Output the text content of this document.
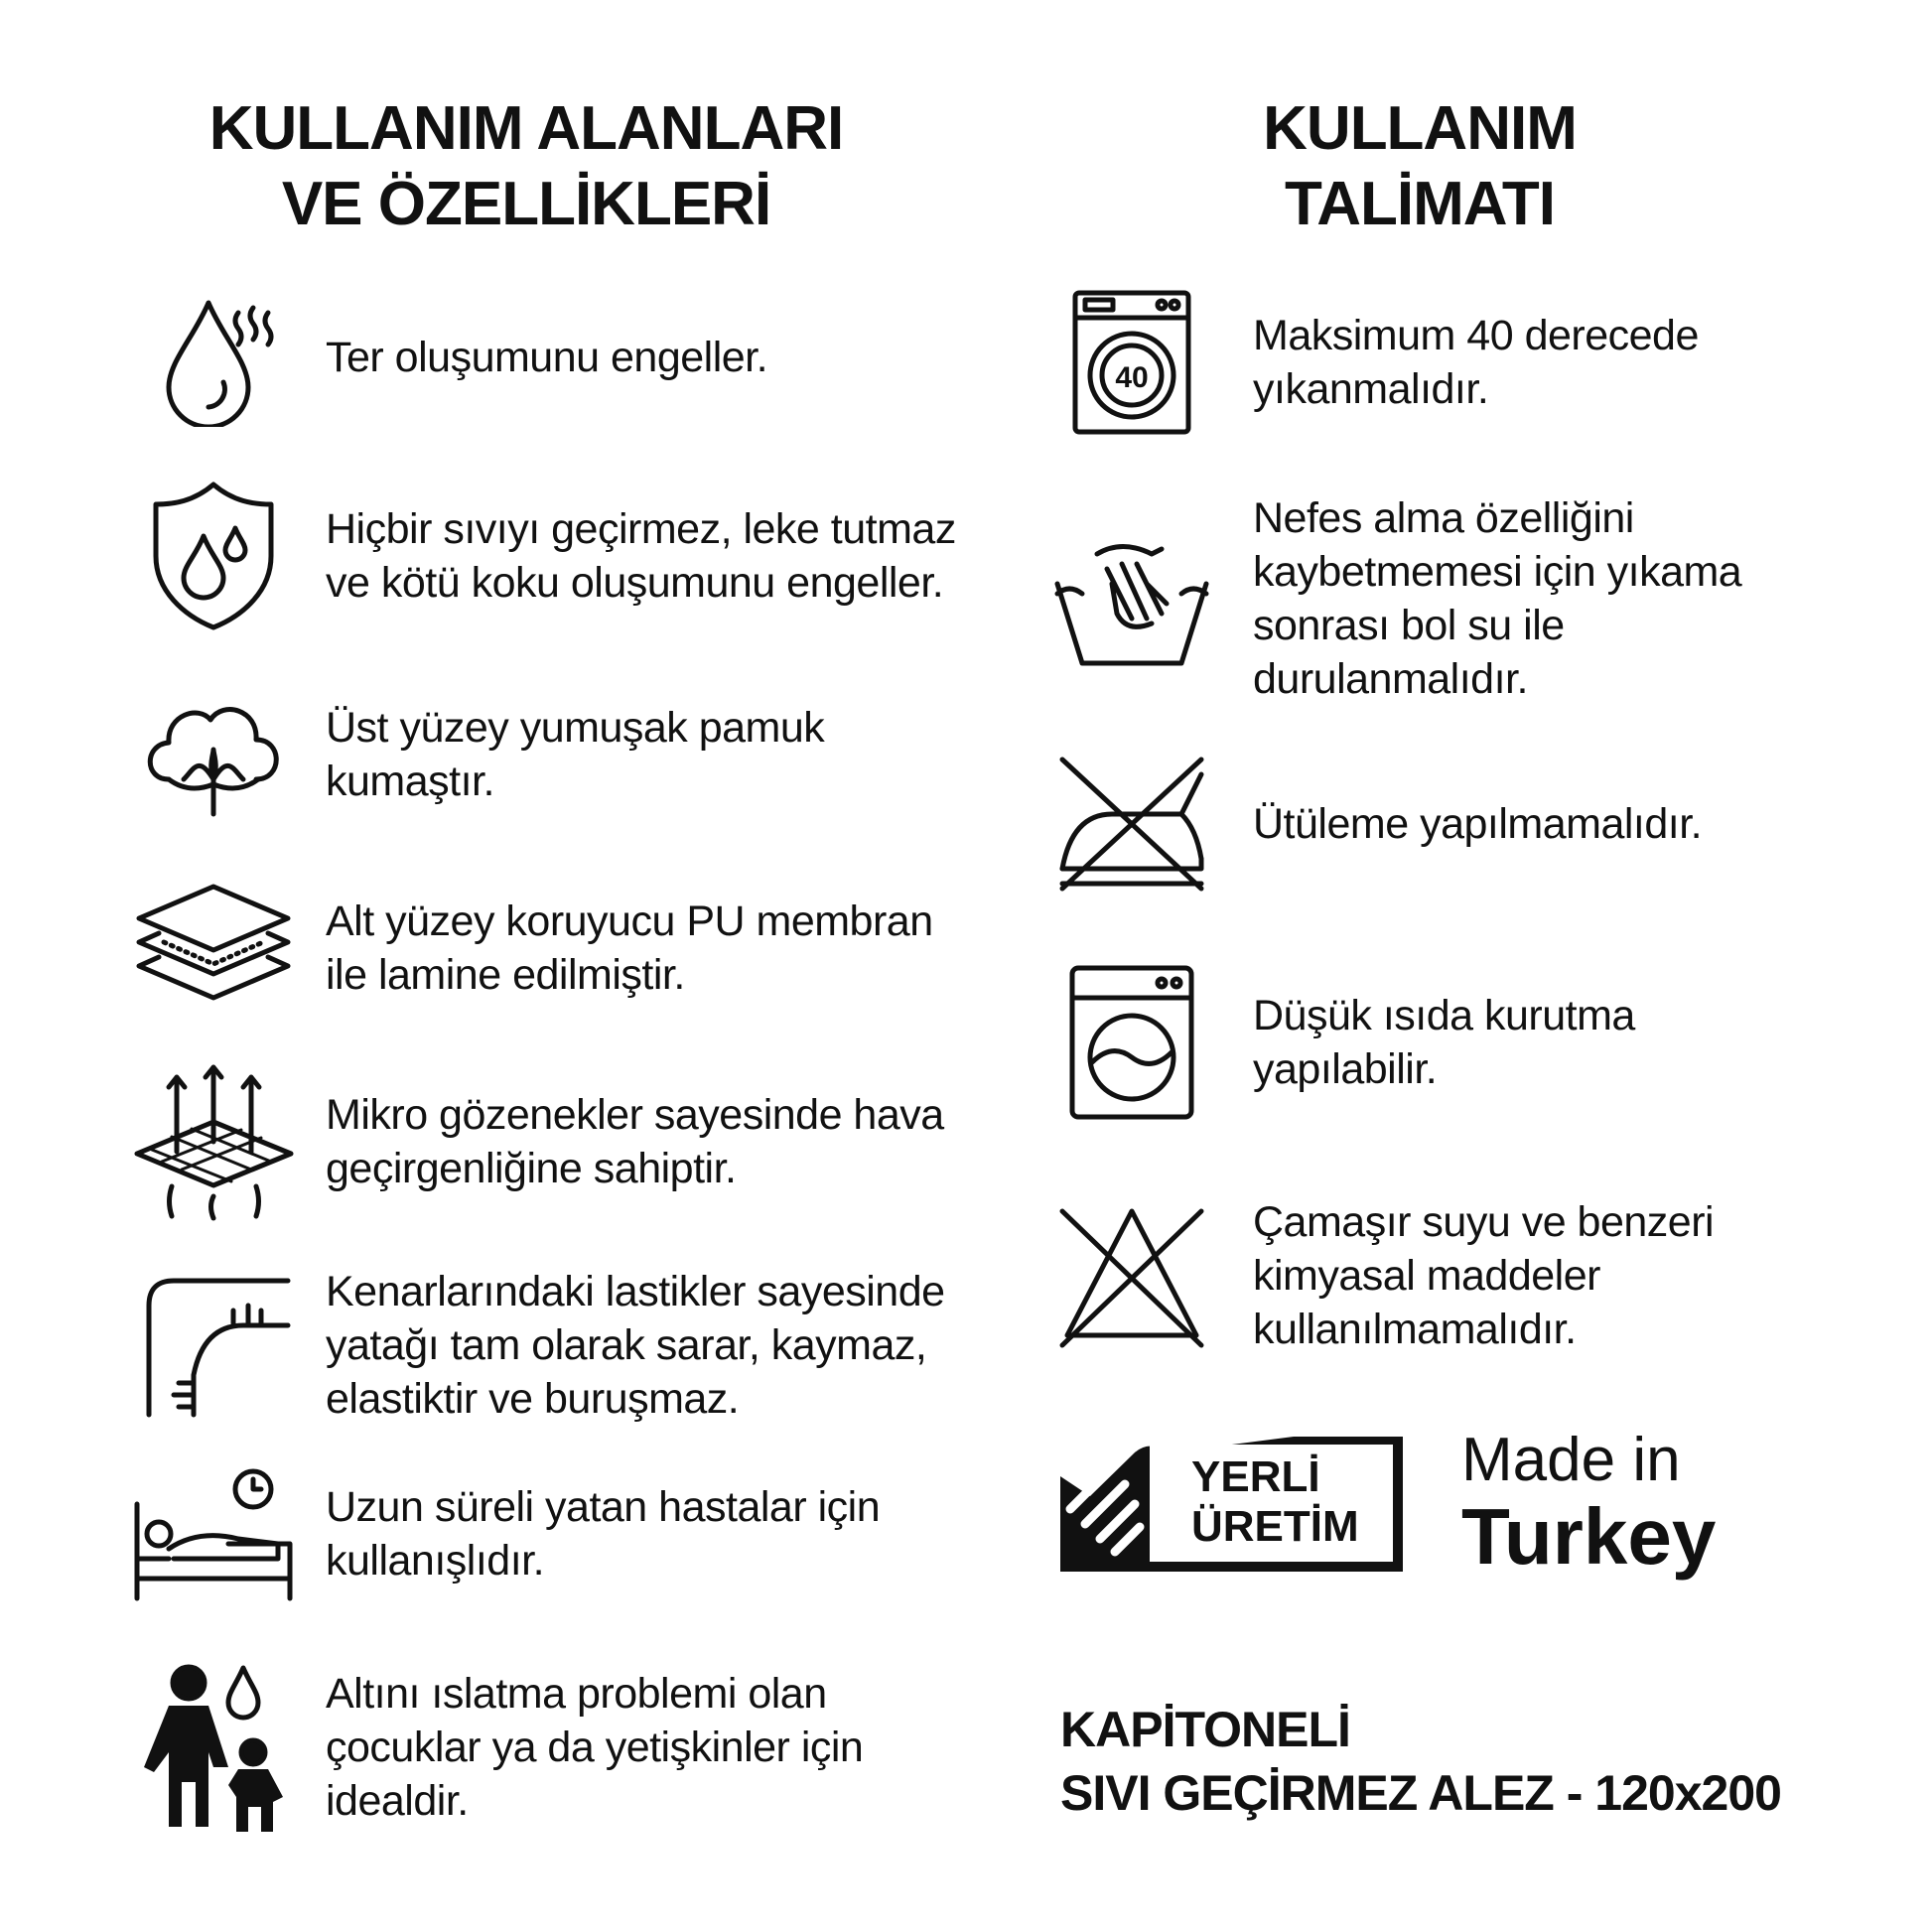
KULLANIM ALANLARI
VE ÖZELLİKLERİ
KULLANIM
TALİMATI
Ter oluşumunu engeller.
Hiçbir sıvıyı geçirmez, leke tutmaz ve kötü koku oluşumunu engeller.
Üst yüzey yumuşak pamuk kumaştır.
Alt yüzey koruyucu PU membran ile lamine edilmiştir.
Mikro gözenekler sayesinde hava geçirgenliğine sahiptir.
Kenarlarındaki lastikler sayesinde yatağı tam olarak sarar, kaymaz, elastiktir ve buruşmaz.
Uzun süreli yatan hastalar için kullanışlıdır.
Altını ıslatma problemi olan çocuklar ya da yetişkinler için idealdir.
40
Maksimum 40 derecede yıkanmalıdır.
Nefes alma özelliğini kaybetmemesi için yıkama sonrası bol su ile durulanmalıdır.
Ütüleme yapılmamalıdır.
Düşük ısıda kurutma yapılabilir.
Çamaşır suyu ve benzeri kimyasal maddeler kullanılmamalıdır.
YERLİ
ÜRETİM
Made in
Turkey
KAPİTONELİ
SIVI GEÇİRMEZ ALEZ - 120x200
